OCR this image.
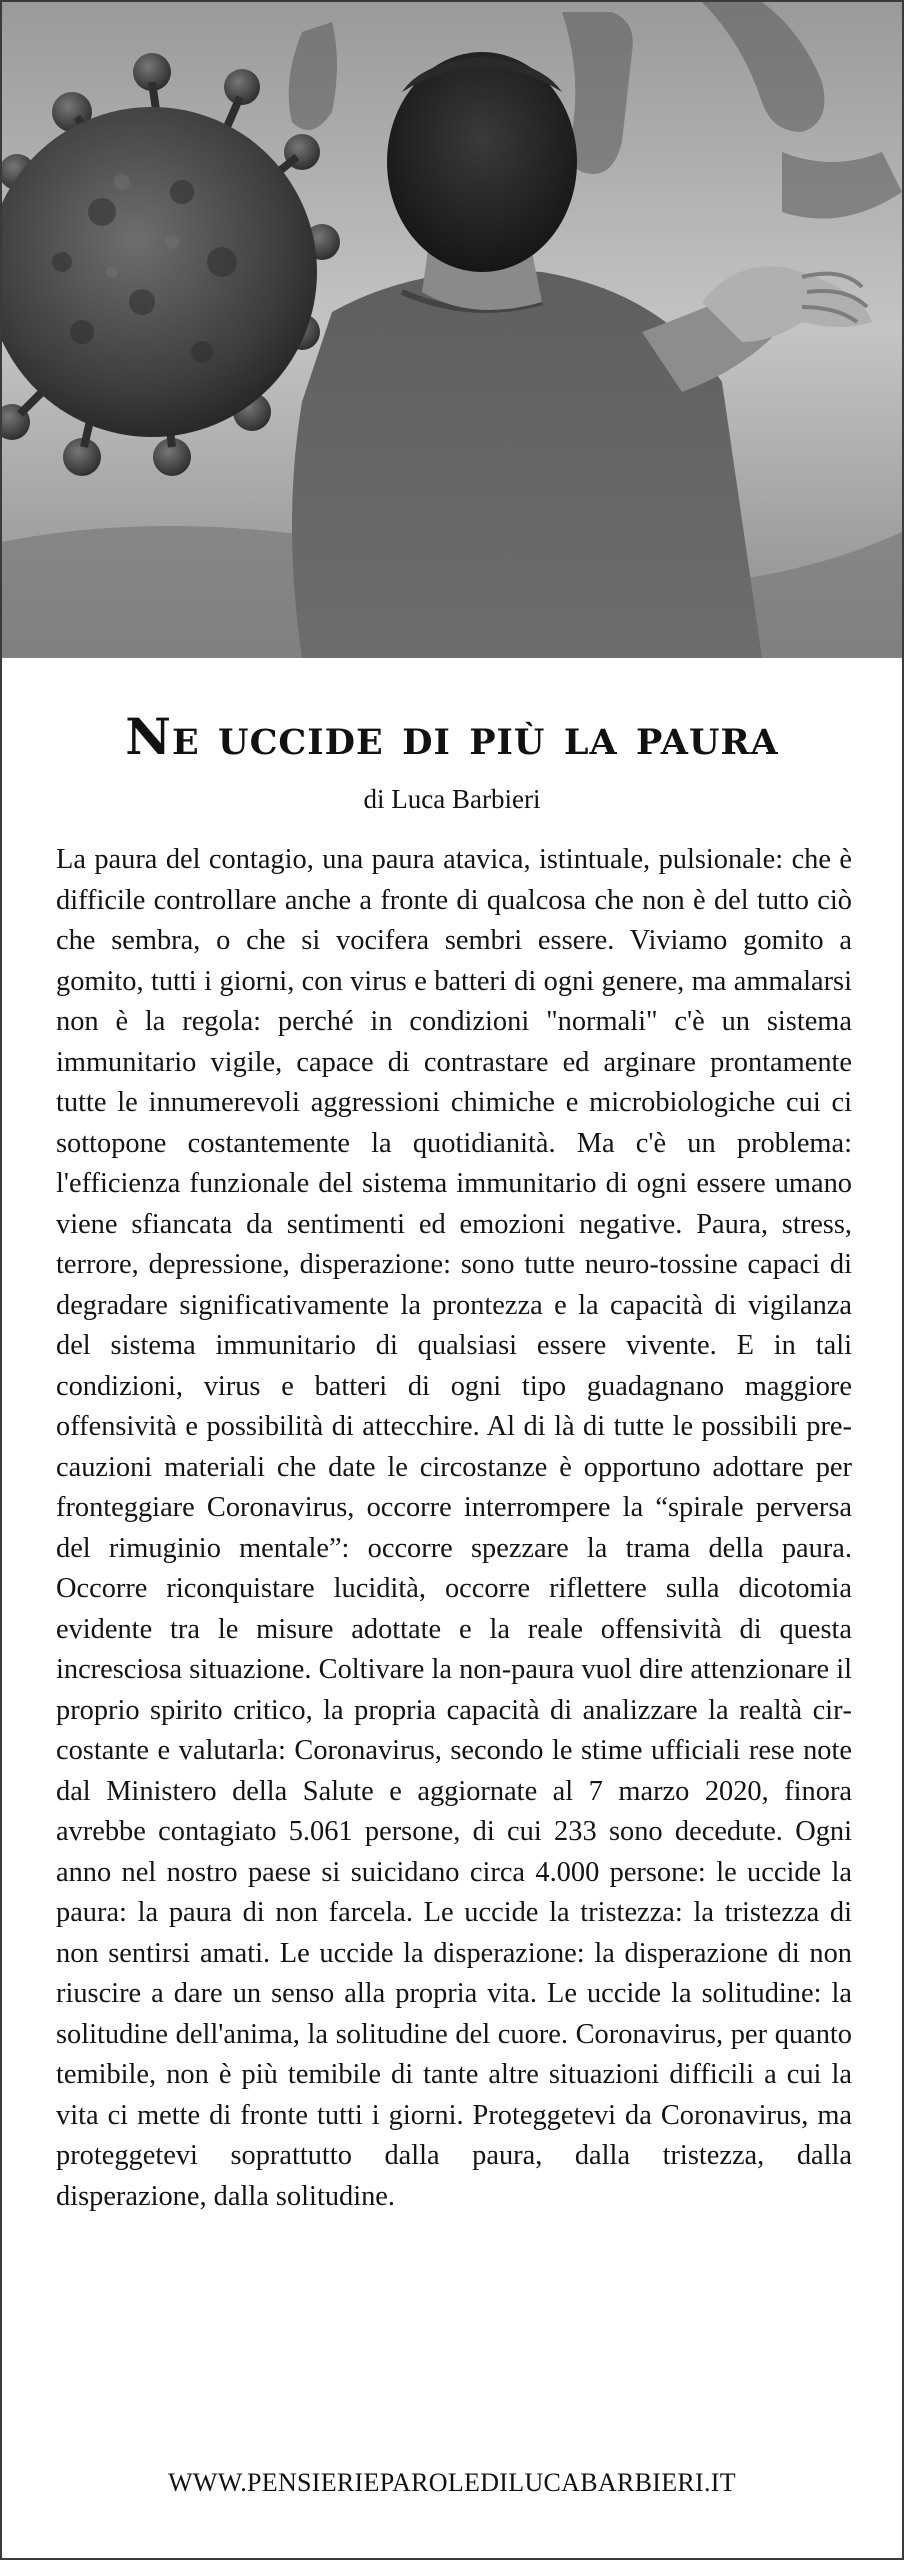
Ne uccide di più la paura
di Luca Barbieri

La paura del contagio, una paura atavica, istintuale, pulsionale: che è difficile controllare anche a fronte di qualcosa che non è del tutto ciò che sembra, o che si vocifera sembri essere. Viviamo gomito a gomito, tutti i giorni, con virus e batteri di ogni genere, ma ammalarsi non è la regola: perché in condizioni "normali" c'è un sistema immunitario vigile, capace di contrastare ed arginare prontamente tutte le innumerevoli aggressioni chimiche e microbiologiche cui ci sottopone costantemente la quotidianità. Ma c'è un problema: l'efficienza funzionale del sistema immunitario di ogni essere umano viene sfiancata da sentimenti ed emozioni negative. Paura, stress, terrore, depressione, disperazione: sono tutte neuro-tossine capaci di degradare significativamente la prontezza e la capacità di vigilanza del sistema immunitario di qualsiasi essere vivente. E in tali condizioni, virus e batteri di ogni tipo guadagnano maggiore offensività e possibilità di attecchire. Al di là di tutte le possibili precauzioni materiali che date le circostanze è opportuno adottare per fronteggiare Coronavirus, occorre interrompere la “spirale perversa del rimuginio mentale”: occorre spezzare la trama della paura. Occorre riconquistare lucidità, occorre riflettere sulla dicotomia evidente tra le misure adottate e la reale offensività di questa incresciosa situazione. Coltivare la non-paura vuol dire attenzionare il proprio spirito critico, la propria capacità di analizzare la realtà circostante e valutarla: Coronavirus, secondo le stime ufficiali rese note dal Ministero della Salute e aggiornate al 7 marzo 2020, finora avrebbe contagiato 5.061 persone, di cui 233 sono decedute. Ogni anno nel nostro paese si suicidano circa 4.000 persone: le uccide la paura: la paura di non farcela. Le uccide la tristezza: la tristezza di non sentirsi amati. Le uccide la disperazione: la disperazione di non riuscire a dare un senso alla propria vita. Le uccide la solitudine: la solitudine dell'anima, la solitudine del cuore. Coronavirus, per quanto temibile, non è più temibile di tante altre situazioni difficili a cui la vita ci mette di fronte tutti i giorni. Proteggetevi da Coronavirus, ma proteggetevi soprattutto dalla paura, dalla tristezza, dalla disperazione, dalla solitudine.

WWW.PENSIERIEPAROLEDILUCABARBIERI.IT
